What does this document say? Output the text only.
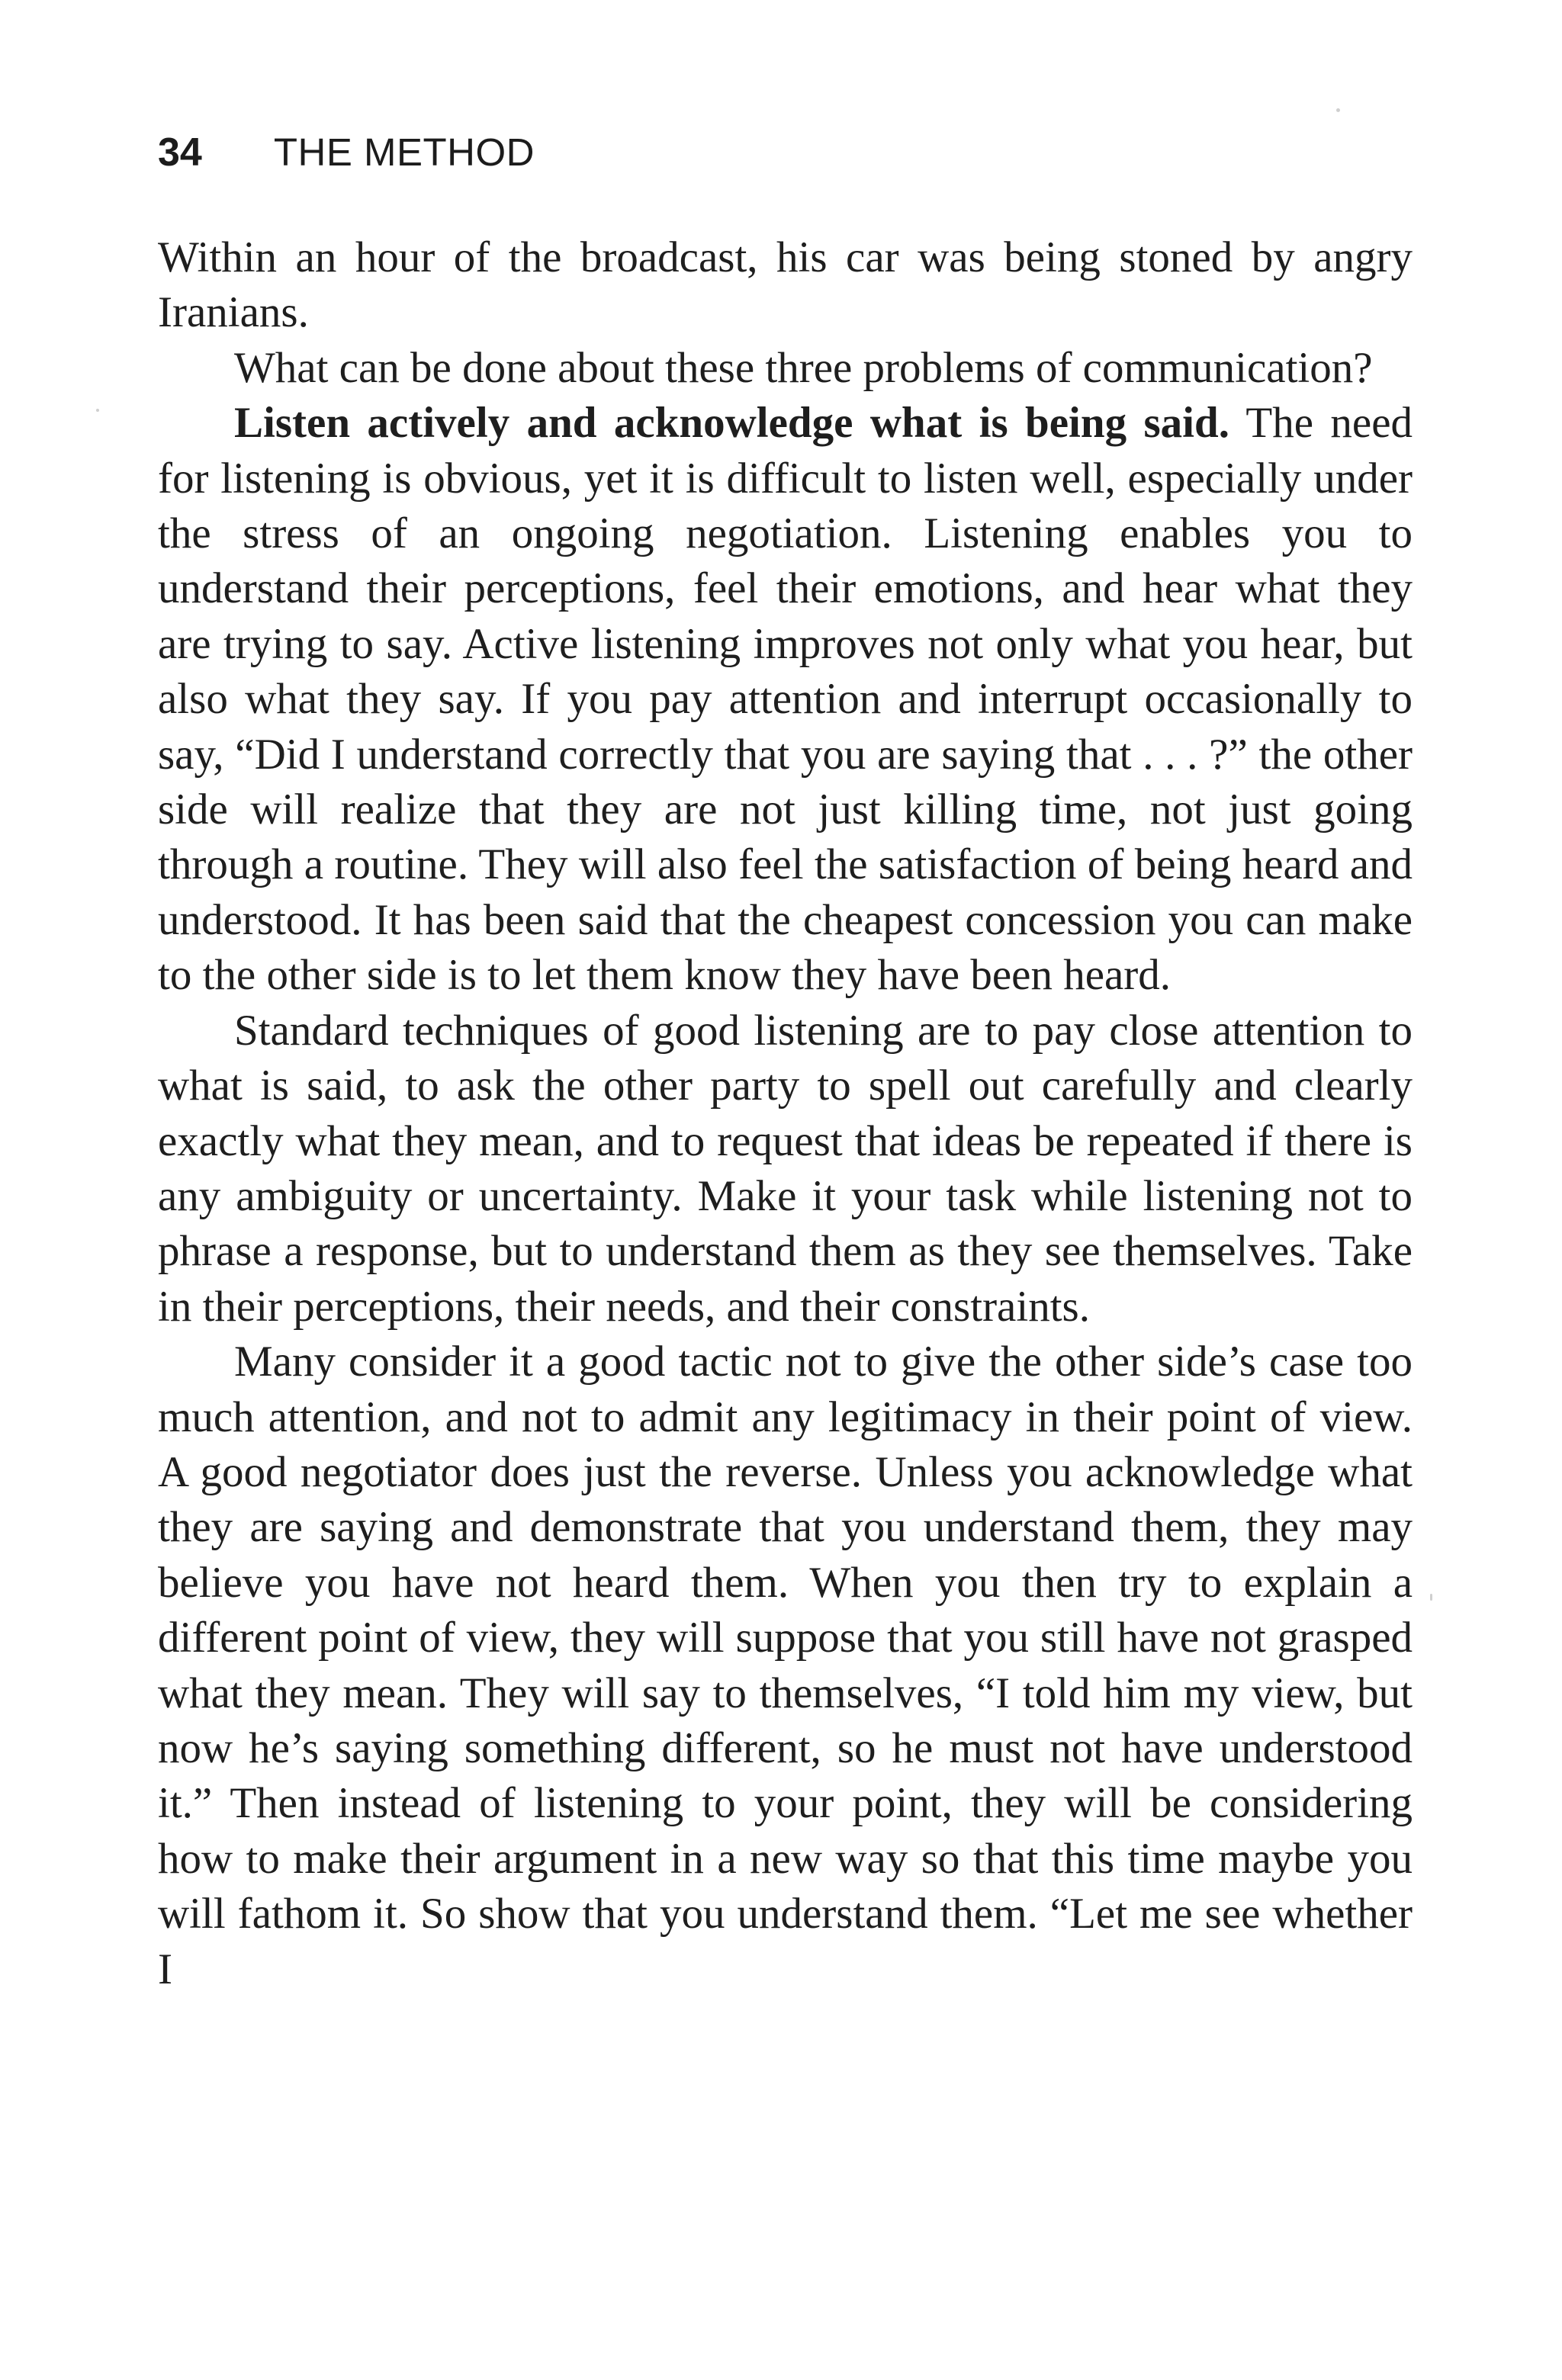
34 THE METHOD

Within an hour of the broadcast, his car was being stoned by angry Iranians.

What can be done about these three problems of communication?

Listen actively and acknowledge what is being said. The need for listening is obvious, yet it is difficult to listen well, especially under the stress of an ongoing negotiation. Listening enables you to understand their perceptions, feel their emotions, and hear what they are trying to say. Active listening improves not only what you hear, but also what they say. If you pay attention and interrupt occasionally to say, “Did I understand correctly that you are saying that . . . ?” the other side will realize that they are not just killing time, not just going through a routine. They will also feel the satisfaction of being heard and understood. It has been said that the cheapest concession you can make to the other side is to let them know they have been heard.

Standard techniques of good listening are to pay close attention to what is said, to ask the other party to spell out carefully and clearly exactly what they mean, and to request that ideas be repeated if there is any ambiguity or uncertainty. Make it your task while listening not to phrase a response, but to understand them as they see themselves. Take in their perceptions, their needs, and their constraints.

Many consider it a good tactic not to give the other side’s case too much attention, and not to admit any legitimacy in their point of view. A good negotiator does just the reverse. Unless you acknowledge what they are saying and demonstrate that you understand them, they may believe you have not heard them. When you then try to explain a different point of view, they will suppose that you still have not grasped what they mean. They will say to themselves, “I told him my view, but now he’s saying something different, so he must not have understood it.” Then instead of listening to your point, they will be considering how to make their argument in a new way so that this time maybe you will fathom it. So show that you understand them. “Let me see whether I
